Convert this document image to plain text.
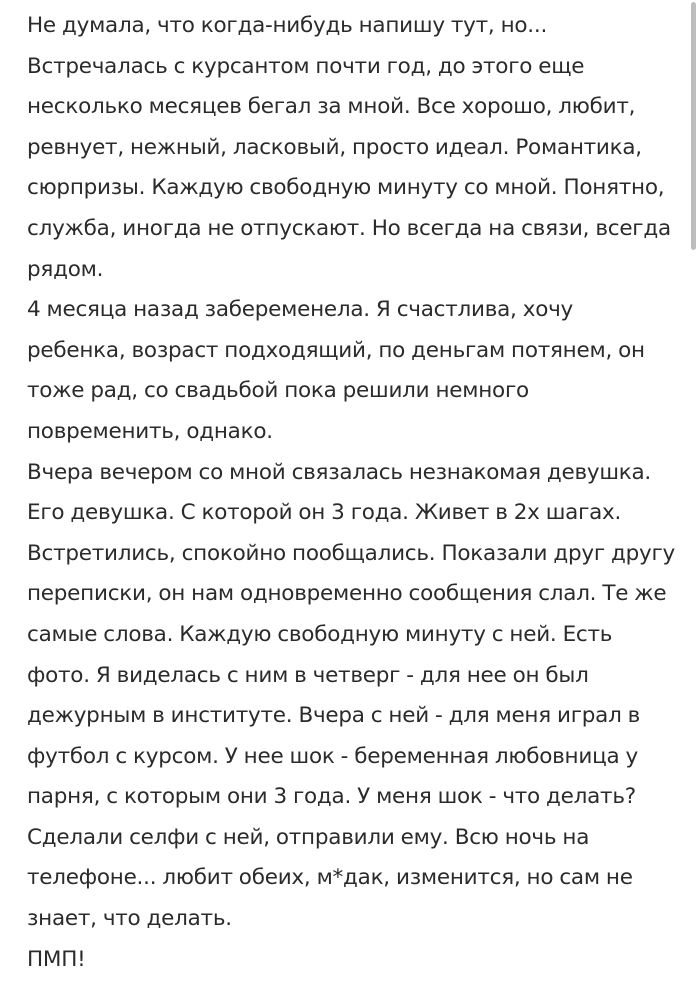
Не думала, что когда-нибудь напишу тут, но...
Встречалась с курсантом почти год, до этого еще
несколько месяцев бегал за мной. Все хорошо, любит,
ревнует, нежный, ласковый, просто идеал. Романтика,
сюрпризы. Каждую свободную минуту со мной. Понятно,
служба, иногда не отпускают. Но всегда на связи, всегда
рядом.
4 месяца назад забеременела. Я счастлива, хочу
ребенка, возраст подходящий, по деньгам потянем, он
тоже рад, со свадьбой пока решили немного
повременить, однако.
Вчера вечером со мной связалась незнакомая девушка.
Его девушка. С которой он 3 года. Живет в 2х шагах.
Встретились, спокойно пообщались. Показали друг другу
переписки, он нам одновременно сообщения слал. Те же
самые слова. Каждую свободную минуту с ней. Есть
фото. Я виделась с ним в четверг - для нее он был
дежурным в институте. Вчера с ней - для меня играл в
футбол с курсом. У нее шок - беременная любовница у
парня, с которым они 3 года. У меня шок - что делать?
Сделали селфи с ней, отправили ему. Всю ночь на
телефоне... любит обеих, м*дак, изменится, но сам не
знает, что делать.
ПМП!
